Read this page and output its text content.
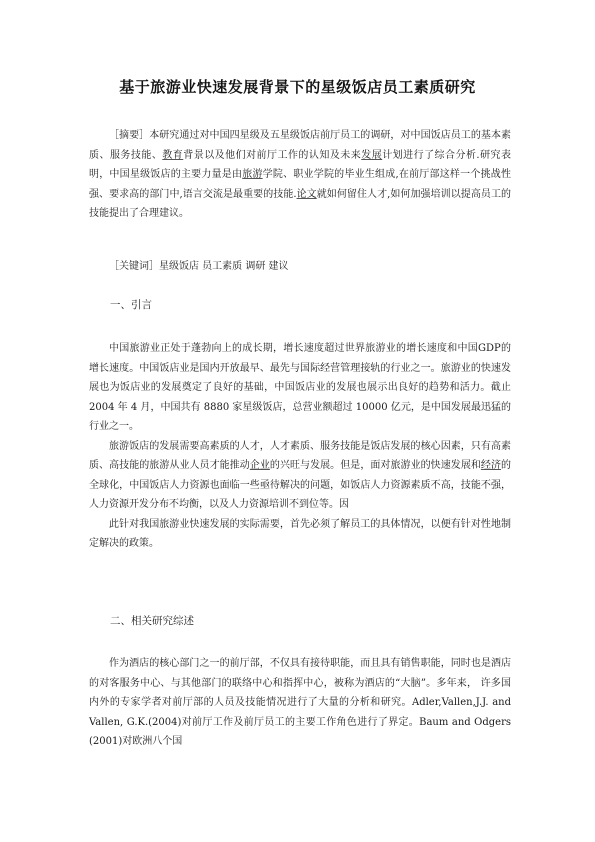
基于旅游业快速发展背景下的星级饭店员工素质研究

［摘要］本研究通过对中国四星级及五星级饭店前厅员工的调研，对中国饭店员工的基本素质、服务技能、教育背景以及他们对前厅工作的认知及未来发展计划进行了综合分析.研究表明，中国星级饭店的主要力量是由旅游学院、职业学院的毕业生组成,在前厅部这样一个挑战性强、要求高的部门中,语言交流是最重要的技能.论文就如何留住人才,如何加强培训以提高员工的技能提出了合理建议。

［关键词］星级饭店 员工素质 调研 建议

一、引言

中国旅游业正处于蓬勃向上的成长期，增长速度超过世界旅游业的增长速度和中国GDP的增长速度。中国饭店业是国内开放最早、最先与国际经营管理接轨的行业之一。旅游业的快速发展也为饭店业的发展奠定了良好的基础，中国饭店业的发展也展示出良好的趋势和活力。截止 2004 年 4 月，中国共有 8880 家星级饭店，总营业额超过 10000 亿元，是中国发展最迅猛的行业之一。

旅游饭店的发展需要高素质的人才，人才素质、服务技能是饭店发展的核心因素，只有高素质、高技能的旅游从业人员才能推动企业的兴旺与发展。但是，面对旅游业的快速发展和经济的全球化，中国饭店人力资源也面临一些亟待解决的问题，如饭店人力资源素质不高，技能不强，人力资源开发分布不均衡，以及人力资源培训不到位等。因

此针对我国旅游业快速发展的实际需要，首先必须了解员工的具体情况，以便有针对性地制定解决的政策。

二、相关研究综述

作为酒店的核心部门之一的前厅部，不仅具有接待职能，而且具有销售职能，同时也是酒店的对客服务中心、与其他部门的联络中心和指挥中心，被称为酒店的“大脑”。多年来， 许多国内外的专家学者对前厅部的人员及技能情况进行了大量的分析和研究。Adler,Vallen,J.J. and Vallen, G.K.(2004)对前厅工作及前厅员工的主要工作角色进行了界定。Baum and Odgers (2001)对欧洲八个国
